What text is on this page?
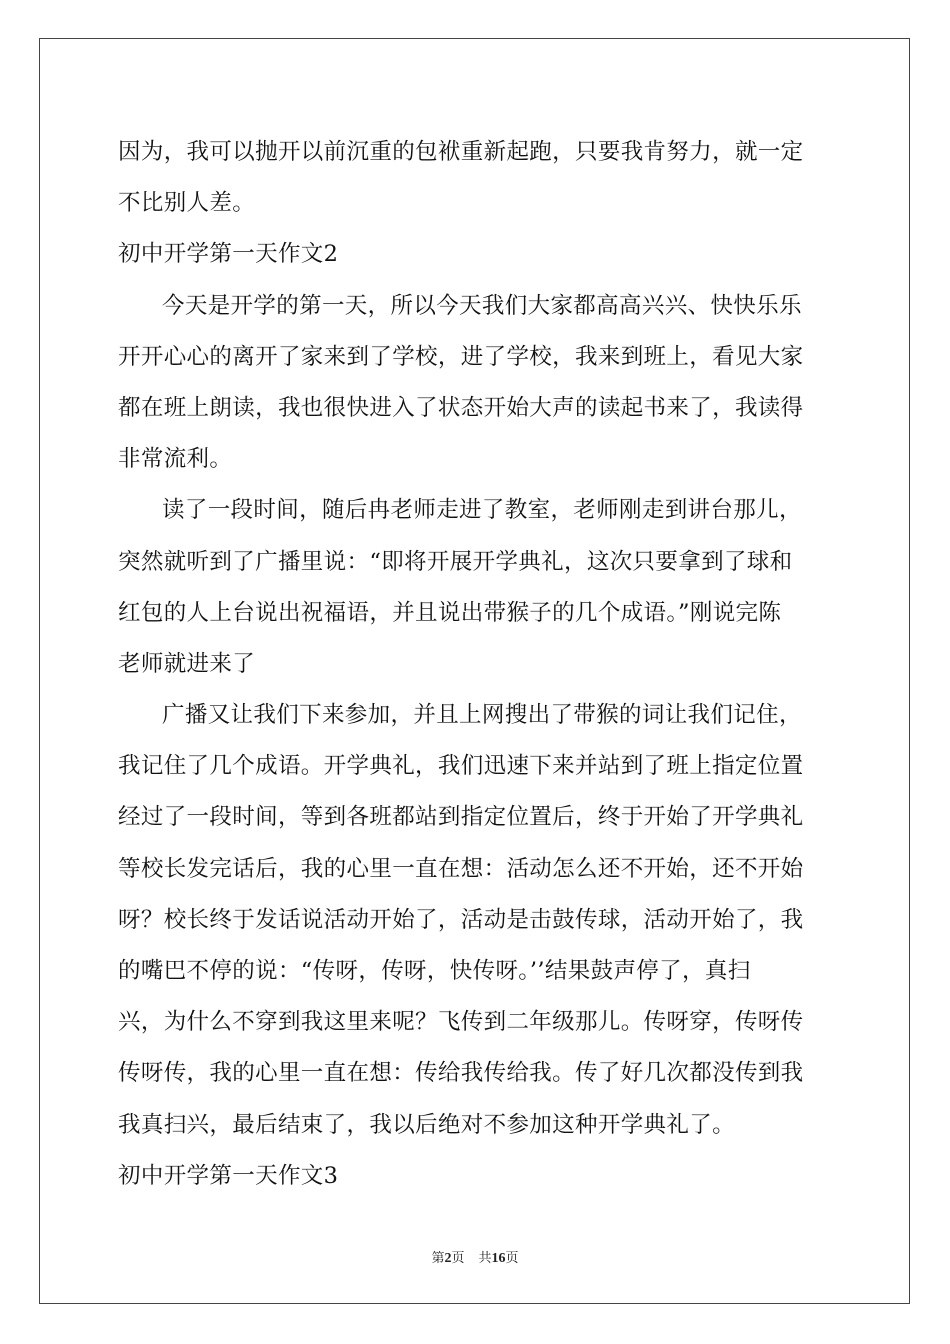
因为，我可以抛开以前沉重的包袱重新起跑，只要我肯努力，就一定
不比别人差。
初中开学第一天作文2
今天是开学的第一天，所以今天我们大家都高高兴兴、快快乐乐
开开心心的离开了家来到了学校，进了学校，我来到班上，看见大家
都在班上朗读，我也很快进入了状态开始大声的读起书来了，我读得
非常流利。
读了一段时间，随后冉老师走进了教室，老师刚走到讲台那儿，
突然就听到了广播里说：“即将开展开学典礼，这次只要拿到了球和
红包的人上台说出祝福语，并且说出带猴子的几个成语。”刚说完陈
老师就进来了
广播又让我们下来参加，并且上网搜出了带猴的词让我们记住，
我记住了几个成语。开学典礼，我们迅速下来并站到了班上指定位置
经过了一段时间，等到各班都站到指定位置后，终于开始了开学典礼
等校长发完话后，我的心里一直在想：活动怎么还不开始，还不开始
呀？校长终于发话说活动开始了，活动是击鼓传球，活动开始了，我
的嘴巴不停的说：“传呀，传呀，快传呀。’’结果鼓声停了，真扫
兴，为什么不穿到我这里来呢？飞传到二年级那儿。传呀穿，传呀传
传呀传，我的心里一直在想：传给我传给我。传了好几次都没传到我
我真扫兴，最后结束了，我以后绝对不参加这种开学典礼了。
初中开学第一天作文3
第2页 共16页
